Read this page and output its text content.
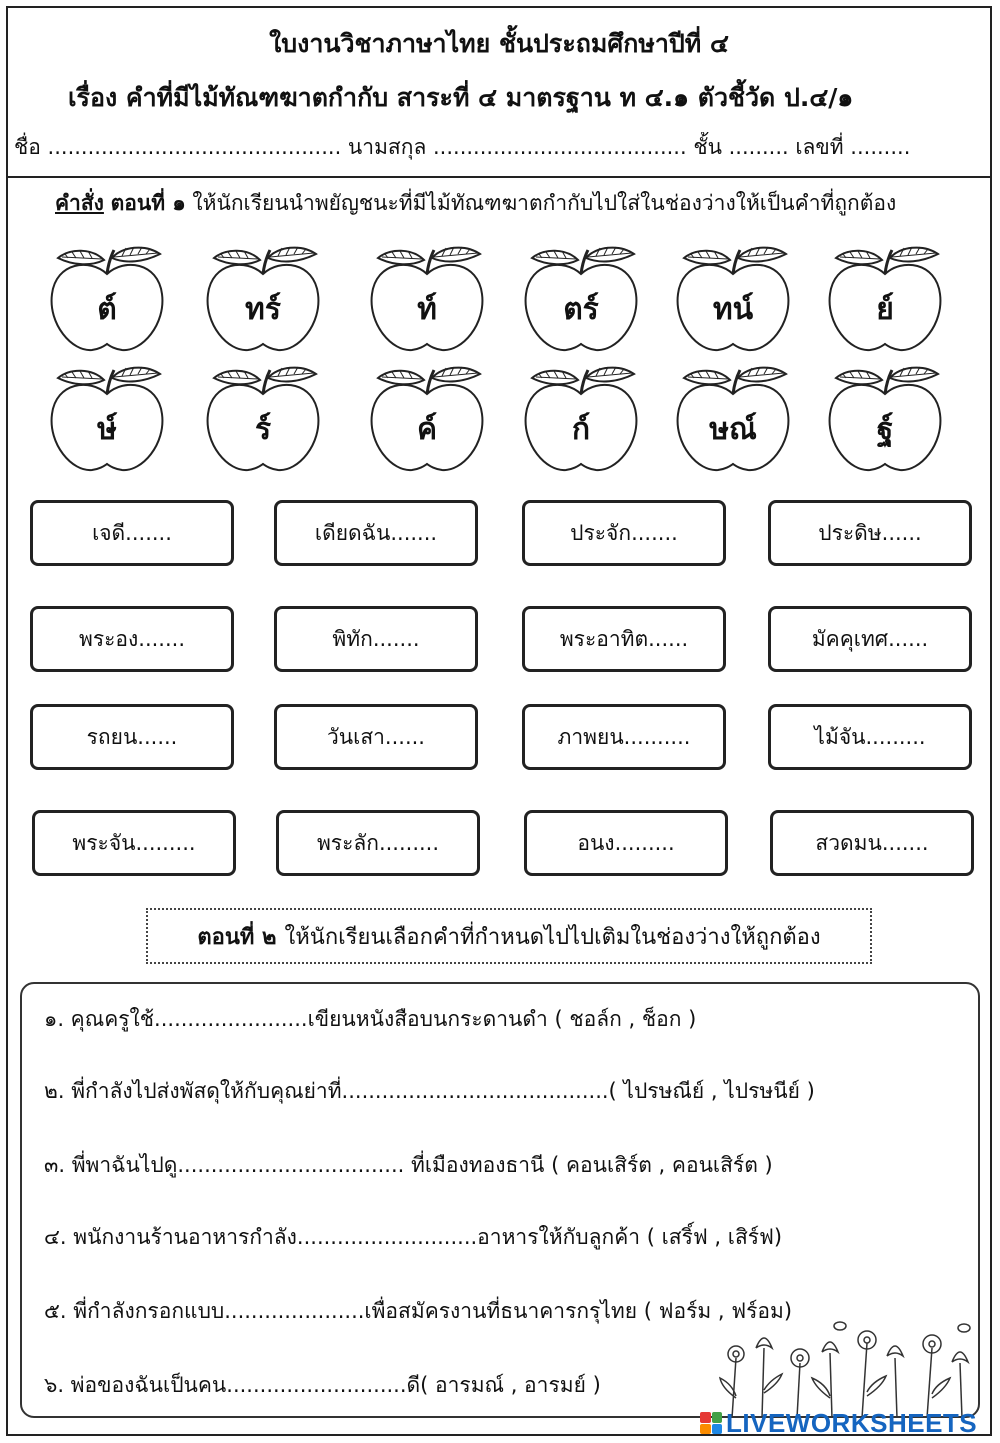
ใบงานวิชาภาษาไทย ชั้นประถมศึกษาปีที่ ๔
เรื่อง คำที่มีไม้ทัณฑฆาตกำกับ สาระที่ ๔ มาตรฐาน ท ๔.๑ ตัวชี้วัด ป.๔/๑
ชื่อ ............................................ นามสกุล ...................................... ชั้น ......... เลขที่ .........
คำสั่ง ตอนที่ ๑ ให้นักเรียนนำพยัญชนะที่มีไม้ทัณฑฆาตกำกับไปใส่ในช่องว่างให้เป็นคำที่ถูกต้อง
ต์	ทร์	ท์	ตร์	ทน์	ย์
ษ์	ร์	ค์	ก์	ษณ์	ฐ์
เจดี.......	เดียดฉัน.......	ประจัก.......	ประดิษ......
พระอง.......	พิทัก.......	พระอาทิต......	มัคคุเทศ......
รถยน......	วันเสา......	ภาพยน..........	ไม้จัน.........
พระจัน.........	พระลัก.........	อนง.........	สวดมน.......
ตอนที่ ๒ ให้นักเรียนเลือกคำที่กำหนดไปไปเติมในช่องว่างให้ถูกต้อง
๑. คุณครูใช้.......................เขียนหนังสือบนกระดานดำ ( ชอล์ก , ช็อก )
๒. พี่กำลังไปส่งพัสดุให้กับคุณย่าที่........................................( ไปรษณีย์ , ไปรษนีย์ )
๓. พี่พาฉันไปดู.................................. ที่เมืองทองธานี ( คอนเสิร์ต , คอนเสิร์ต )
๔. พนักงานร้านอาหารกำลัง...........................อาหารให้กับลูกค้า ( เสริ์ฟ , เสิร์ฟ)
๕. พี่กำลังกรอกแบบ.....................เพื่อสมัครงานที่ธนาคารกรุไทย ( ฟอร์ม , ฟร์อม)
๖. พ่อของฉันเป็นคน...........................ดี( อารมณ์ , อารมย์ )
LIVEWORKSHEETS
